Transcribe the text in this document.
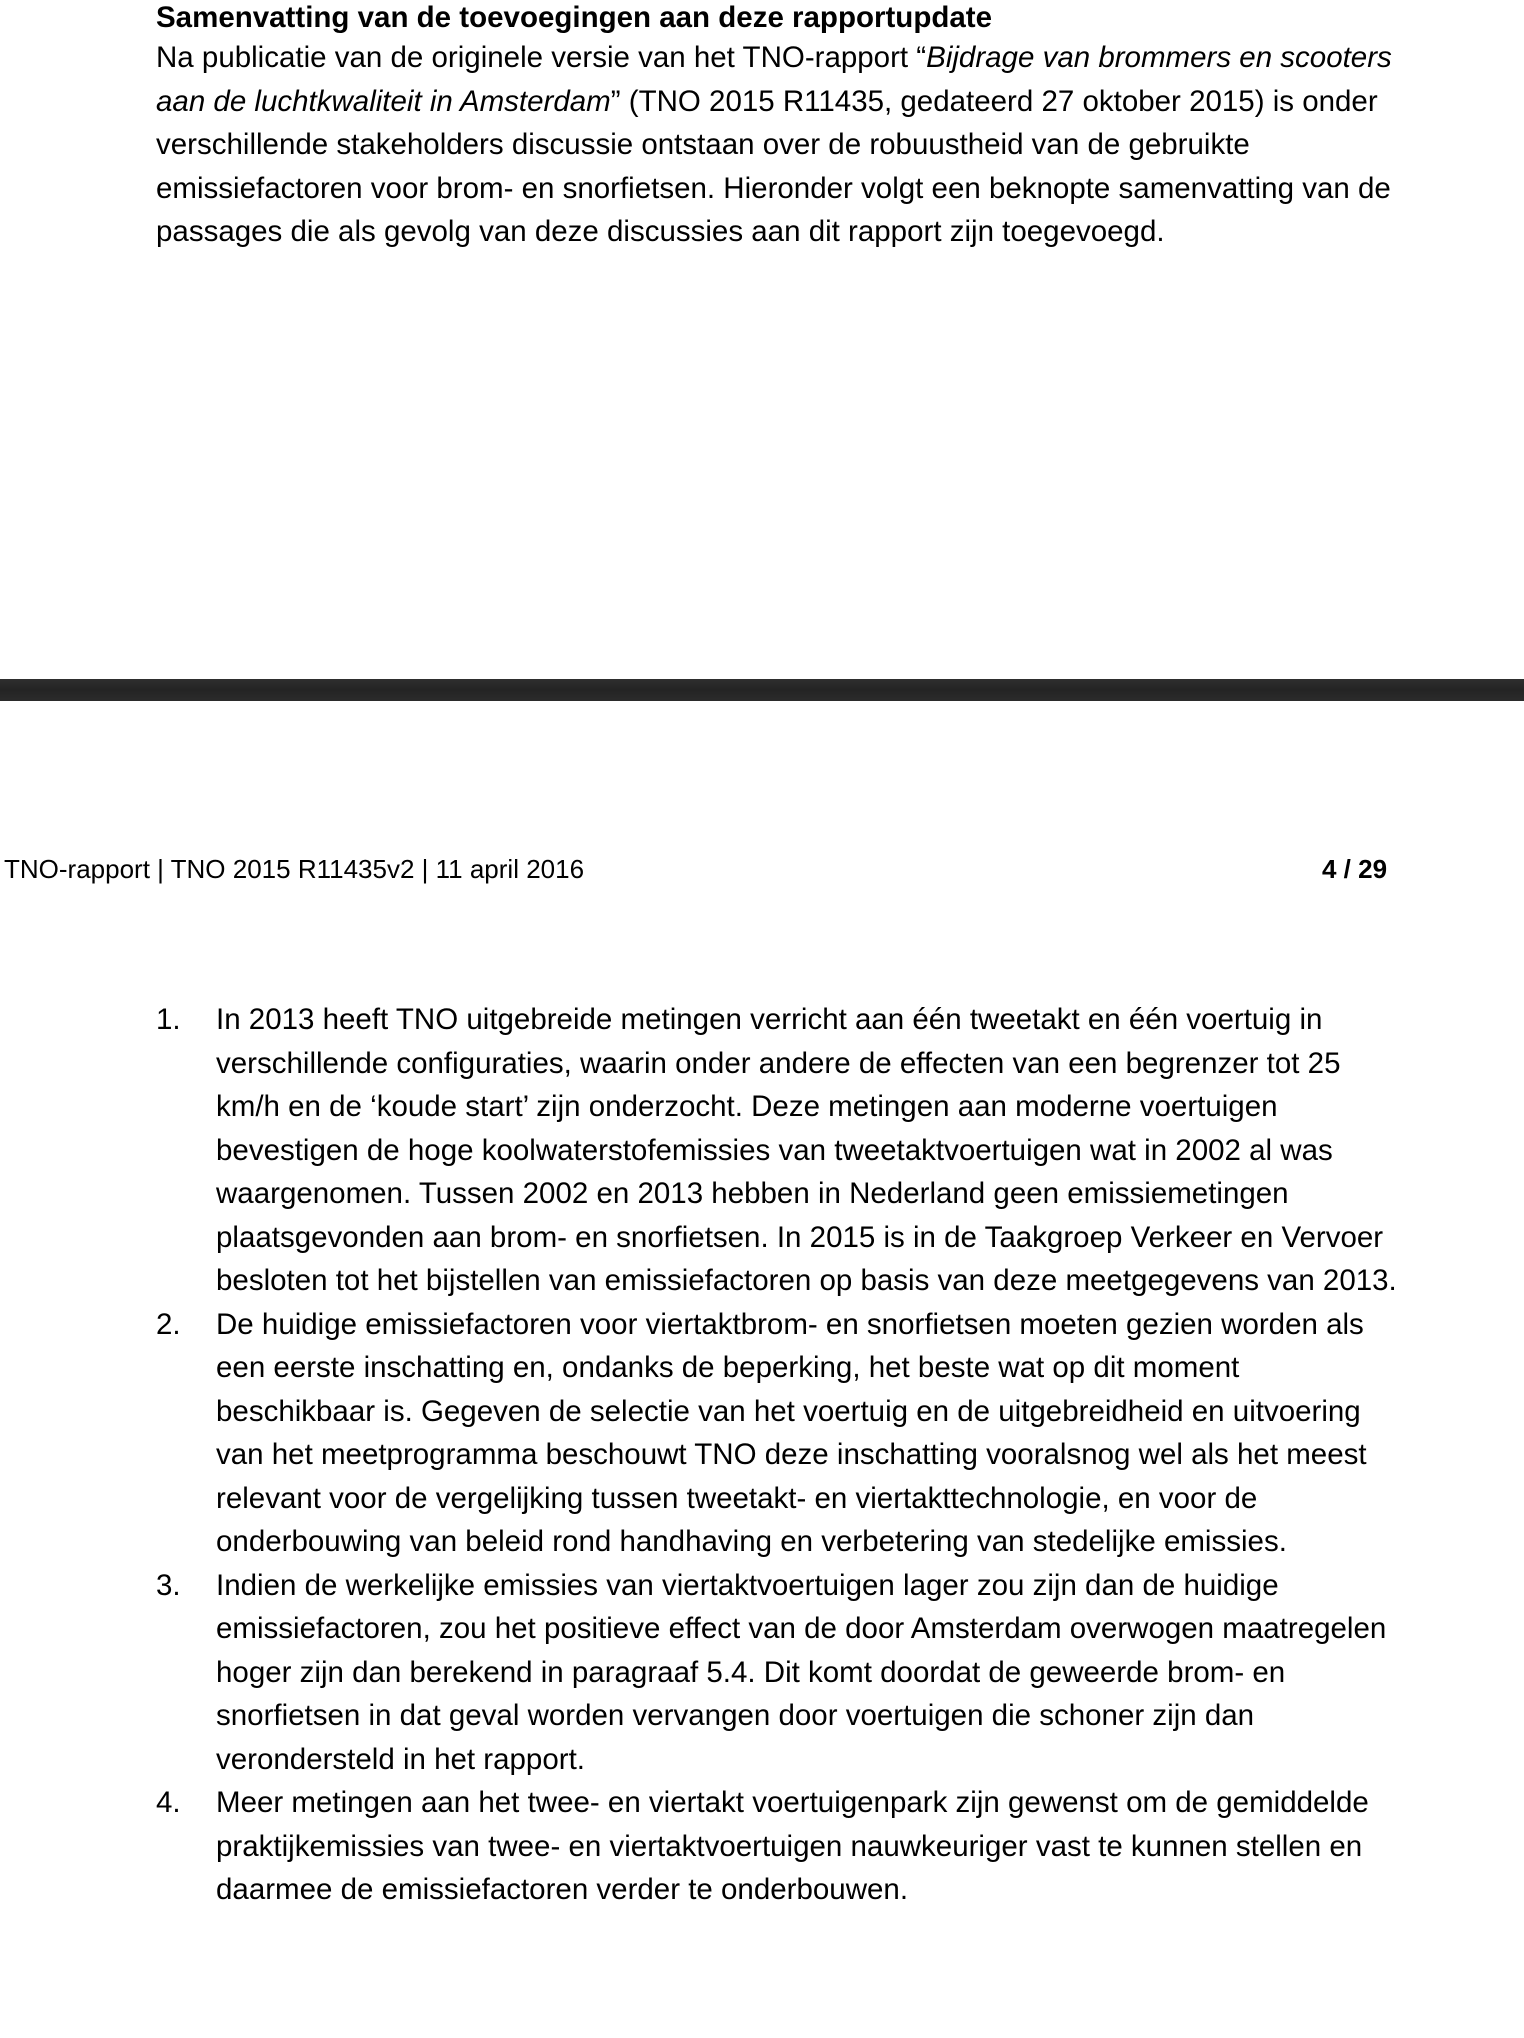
Samenvatting van de toevoegingen aan deze rapportupdate

Na publicatie van de originele versie van het TNO-rapport “Bijdrage van brommers en scooters aan de luchtkwaliteit in Amsterdam” (TNO 2015 R11435, gedateerd 27 oktober 2015) is onder verschillende stakeholders discussie ontstaan over de robuustheid van de gebruikte emissiefactoren voor brom- en snorfietsen. Hieronder volgt een beknopte samenvatting van de passages die als gevolg van deze discussies aan dit rapport zijn toegevoegd.

TNO-rapport | TNO 2015 R11435v2 | 11 april 2016	4 / 29
1.	In 2013 heeft TNO uitgebreide metingen verricht aan één tweetakt en één voertuig in verschillende configuraties, waarin onder andere de effecten van een begrenzer tot 25 km/h en de ‘koude start’ zijn onderzocht. Deze metingen aan moderne voertuigen bevestigen de hoge koolwaterstofemissies van tweetaktvoertuigen wat in 2002 al was waargenomen. Tussen 2002 en 2013 hebben in Nederland geen emissiemetingen plaatsgevonden aan brom- en snorfietsen. In 2015 is in de Taakgroep Verkeer en Vervoer besloten tot het bijstellen van emissiefactoren op basis van deze meetgegevens van 2013.
2.	De huidige emissiefactoren voor viertaktbrom- en snorfietsen moeten gezien worden als een eerste inschatting en, ondanks de beperking, het beste wat op dit moment beschikbaar is. Gegeven de selectie van het voertuig en de uitgebreidheid en uitvoering van het meetprogramma beschouwt TNO deze inschatting vooralsnog wel als het meest relevant voor de vergelijking tussen tweetakt- en viertakttechnologie, en voor de onderbouwing van beleid rond handhaving en verbetering van stedelijke emissies.
3.	Indien de werkelijke emissies van viertaktvoertuigen lager zou zijn dan de huidige emissiefactoren, zou het positieve effect van de door Amsterdam overwogen maatregelen hoger zijn dan berekend in paragraaf 5.4. Dit komt doordat de geweerde brom- en snorfietsen in dat geval worden vervangen door voertuigen die schoner zijn dan verondersteld in het rapport.
4.	Meer metingen aan het twee- en viertakt voertuigenpark zijn gewenst om de gemiddelde praktijkemissies van twee- en viertaktvoertuigen nauwkeuriger vast te kunnen stellen en daarmee de emissiefactoren verder te onderbouwen.
